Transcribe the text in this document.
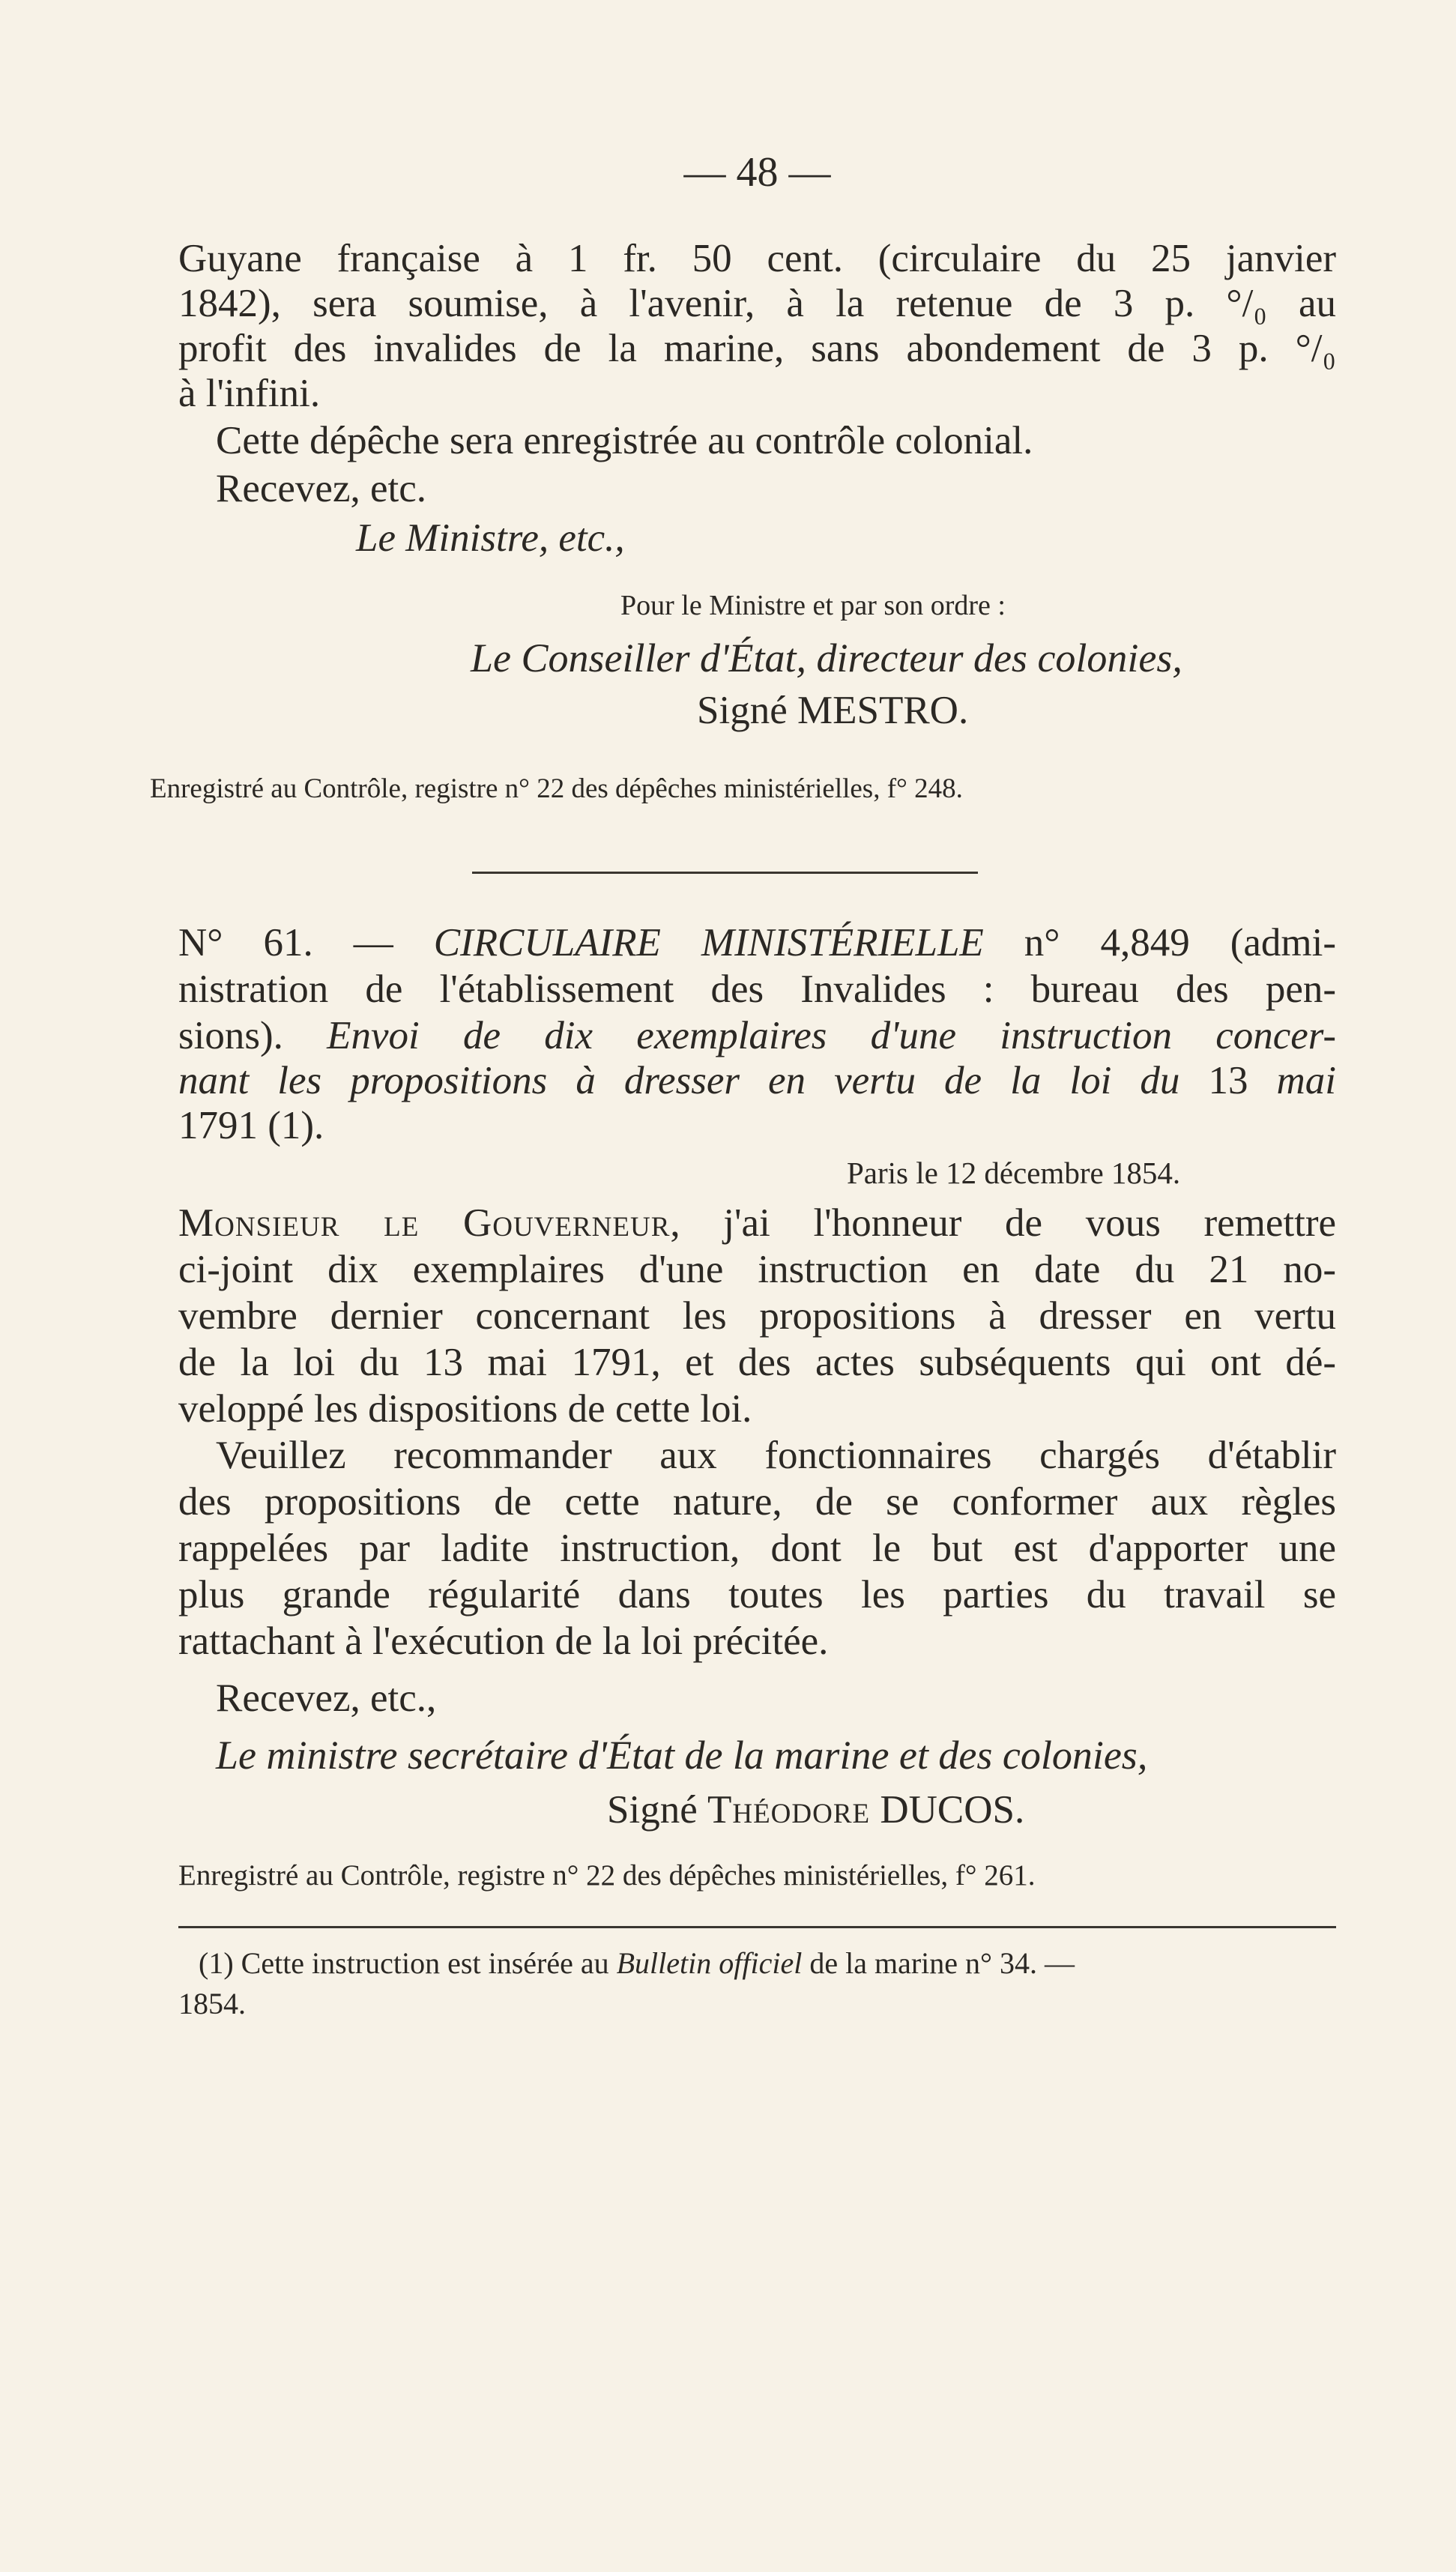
— 48 —
Guyane française à 1 fr. 50 cent. (circulaire du 25 janvier
1842), sera soumise, à l'avenir, à la retenue de 3 p. °/₀ au
profit des invalides de la marine, sans abondement de 3 p. °/₀
à l'infini.
Cette dépêche sera enregistrée au contrôle colonial.
Recevez, etc.
Le Ministre, etc.,
Pour le Ministre et par son ordre :
Le Conseiller d'État, directeur des colonies,
Signé MESTRO.
Enregistré au Contrôle, registre n° 22 des dépêches ministérielles, f° 248.
N° 61. — CIRCULAIRE MINISTÉRIELLE n° 4,849 (admi-
nistration de l'établissement des Invalides : bureau des pen-
sions). Envoi de dix exemplaires d'une instruction concer-
nant les propositions à dresser en vertu de la loi du 13 mai
1791 (1).
Paris le 12 décembre 1854.
Monsieur le Gouverneur, j'ai l'honneur de vous remettre
ci-joint dix exemplaires d'une instruction en date du 21 no-
vembre dernier concernant les propositions à dresser en vertu
de la loi du 13 mai 1791, et des actes subséquents qui ont dé-
veloppé les dispositions de cette loi.
Veuillez recommander aux fonctionnaires chargés d'établir
des propositions de cette nature, de se conformer aux règles
rappelées par ladite instruction, dont le but est d'apporter une
plus grande régularité dans toutes les parties du travail se
rattachant à l'exécution de la loi précitée.
Recevez, etc.,
Le ministre secrétaire d'État de la marine et des colonies,
Signé Théodore DUCOS.
Enregistré au Contrôle, registre n° 22 des dépêches ministérielles, f° 261.
(1) Cette instruction est insérée au Bulletin officiel de la marine n° 34. —
1854.
